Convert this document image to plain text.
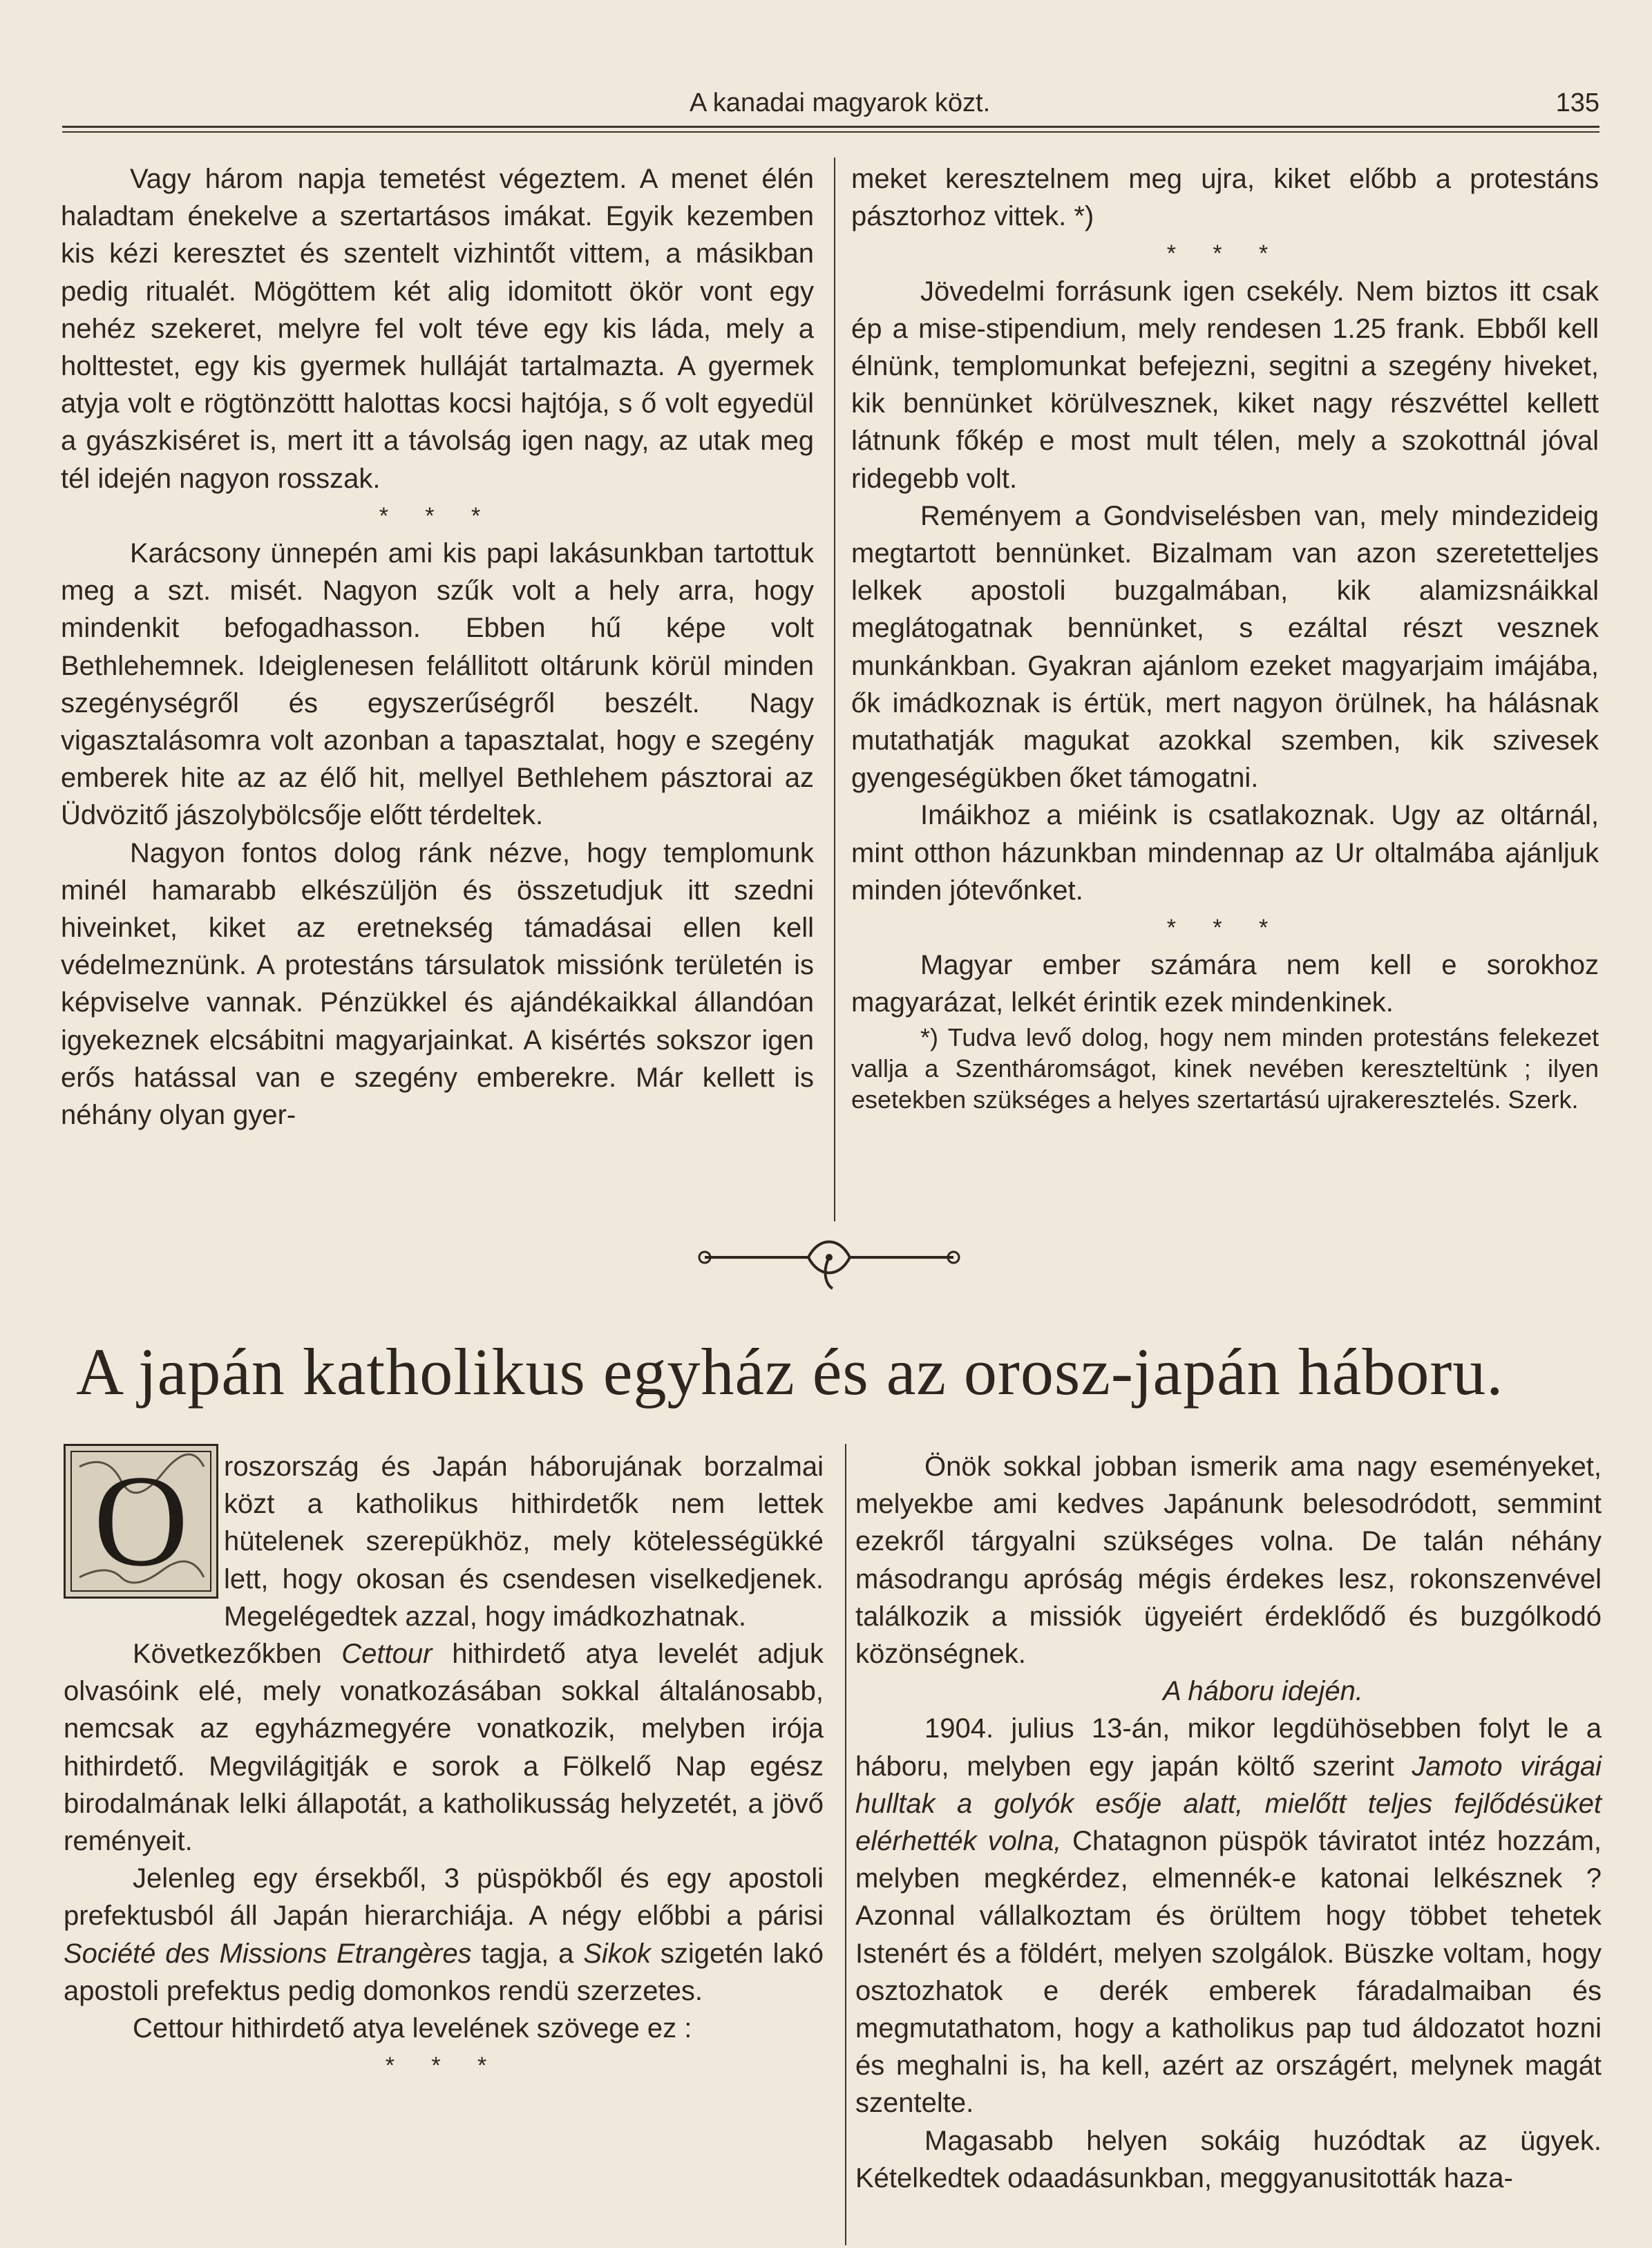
A kanadai magyarok közt.	135

Vagy három napja temetést végeztem. A menet élén haladtam énekelve a szertartásos imákat. Egyik kezemben kis kézi keresztet és szentelt vizhintőt vittem, a másikban pedig ritualét. Mögöttem két alig idomitott ökör vont egy nehéz szekeret, melyre fel volt téve egy kis láda, mely a holttestet, egy kis gyermek hulláját tartalmazta. A gyermek atyja volt e rögtönzöttt halottas kocsi hajtója, s ő volt egyedül a gyászkiséret is, mert itt a távolság igen nagy, az utak meg tél idején nagyon rosszak.

* * *

Karácsony ünnepén ami kis papi lakásunkban tartottuk meg a szt. misét. Nagyon szűk volt a hely arra, hogy mindenkit befogadhasson. Ebben hű képe volt Bethlehemnek. Ideiglenesen felállitott oltárunk körül minden szegénységről és egyszerűségről beszélt. Nagy vigasztalásomra volt azonban a tapasztalat, hogy e szegény emberek hite az az élő hit, mellyel Bethlehem pásztorai az Üdvözitő jászolybölcsője előtt térdeltek.

Nagyon fontos dolog ránk nézve, hogy templomunk minél hamarabb elkészüljön és összetudjuk itt szedni hiveinket, kiket az eretnekség támadásai ellen kell védelmeznünk. A protestáns társulatok missiónk területén is képviselve vannak. Pénzükkel és ajándékaikkal állandóan igyekeznek elcsábitni magyarjainkat. A kisértés sokszor igen erős hatással van e szegény emberekre. Már kellett is néhány olyan gyer-

meket keresztelnem meg ujra, kiket előbb a protestáns pásztorhoz vittek. *)

* * *

Jövedelmi forrásunk igen csekély. Nem biztos itt csak ép a mise-stipendium, mely rendesen 1.25 frank. Ebből kell élnünk, templomunkat befejezni, segitni a szegény hiveket, kik bennünket körülvesznek, kiket nagy részvéttel kellett látnunk főkép e most mult télen, mely a szokottnál jóval ridegebb volt.

Reményem a Gondviselésben van, mely mindezideig megtartott bennünket. Bizalmam van azon szeretetteljes lelkek apostoli buzgalmában, kik alamizsnáikkal meglátogatnak bennünket, s ezáltal részt vesznek munkánkban. Gyakran ajánlom ezeket magyarjaim imájába, ők imádkoznak is értük, mert nagyon örülnek, ha hálásnak mutathatják magukat azokkal szemben, kik szivesek gyengeségükben őket támogatni.

Imáikhoz a miéink is csatlakoznak. Ugy az oltárnál, mint otthon házunkban mindennap az Ur oltalmába ajánljuk minden jótevőnket.

* * *

Magyar ember számára nem kell e sorokhoz magyarázat, lelkét érintik ezek mindenkinek.

*) Tudva levő dolog, hogy nem minden protestáns felekezet vallja a Szentháromságot, kinek nevében kereszteltünk ; ilyen esetekben szükséges a helyes szertartású ujrakeresztelés. Szerk.

A japán katholikus egyház és az orosz-japán háboru.
O	roszország és Japán háborujának borzalmai közt a katholikus hithirdetők nem lettek hütelenek szerepükhöz, mely kötelességükké lett, hogy okosan és csendesen viselkedjenek. Megelégedtek azzal, hogy imádkozhatnak.

Következőkben Cettour hithirdető atya levelét adjuk olvasóink elé, mely vonatkozásában sokkal általánosabb, nemcsak az egyházmegyére vonatkozik, melyben irója hithirdető. Megvilágitják e sorok a Fölkelő Nap egész birodalmának lelki állapotát, a katholikusság helyzetét, a jövő reményeit.

Jelenleg egy érsekből, 3 püspökből és egy apostoli prefektusból áll Japán hierarchiája. A négy előbbi a párisi Société des Missions Etrangères tagja, a Sikok szigetén lakó apostoli prefektus pedig domonkos rendü szerzetes.

Cettour hithirdető atya levelének szövege ez :

* * *

Önök sokkal jobban ismerik ama nagy eseményeket, melyekbe ami kedves Japánunk belesodródott, semmint ezekről tárgyalni szükséges volna. De talán néhány másodrangu apróság mégis érdekes lesz, rokonszenvével találkozik a missiók ügyeiért érdeklődő és buzgólkodó közönségnek.

A háboru idején.

1904. julius 13-án, mikor legdühösebben folyt le a háboru, melyben egy japán költő szerint Jamoto virágai hulltak a golyók esője alatt, mielőtt teljes fejlődésüket elérhették volna, Chatagnon püspök táviratot intéz hozzám, melyben megkérdez, elmennék-e katonai lelkésznek ? Azonnal vállalkoztam és örültem hogy többet tehetek Istenért és a földért, melyen szolgálok. Büszke voltam, hogy osztozhatok e derék emberek fáradalmaiban és megmutathatom, hogy a katholikus pap tud áldozatot hozni és meghalni is, ha kell, azért az országért, melynek magát szentelte.

Magasabb helyen sokáig huzódtak az ügyek. Kételkedtek odaadásunkban, meggyanusitották haza-
